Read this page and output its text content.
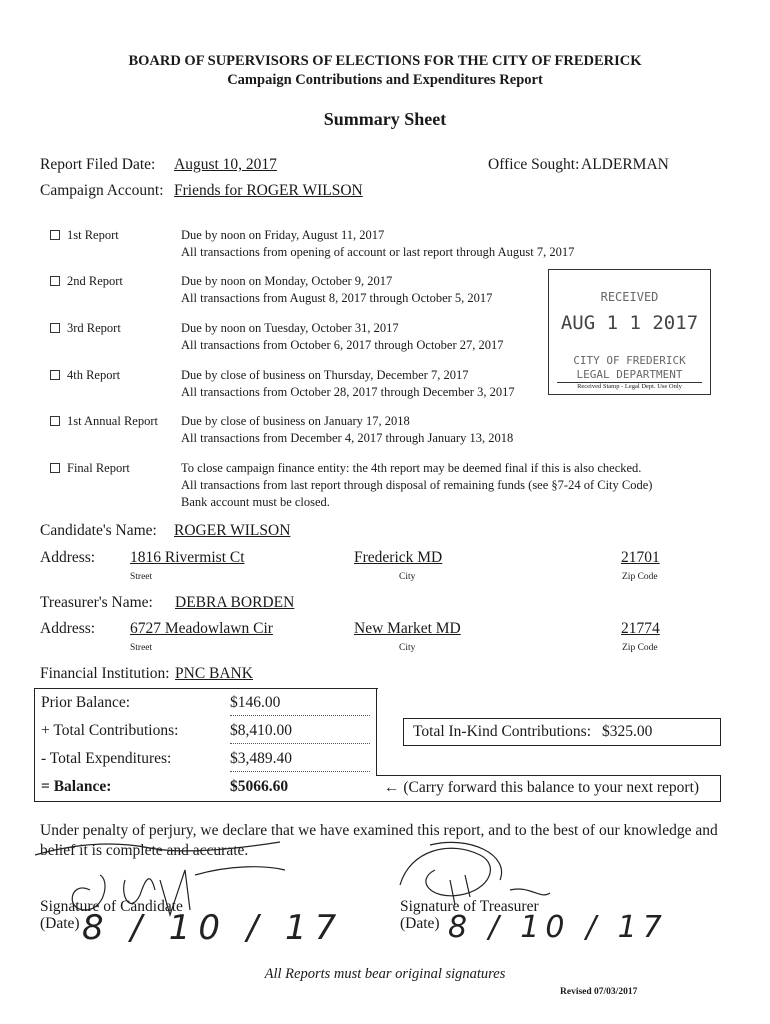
BOARD OF SUPERVISORS OF ELECTIONS FOR THE CITY OF FREDERICK
Campaign Contributions and Expenditures Report
Summary Sheet
Report Filed Date: August 10, 2017	Office Sought: ALDERMAN
Campaign Account: Friends for ROGER WILSON
1st Report	Due by noon on Friday, August 11, 2017
All transactions from opening of account or last report through August 7, 2017
2nd Report	Due by noon on Monday, October 9, 2017
All transactions from August 8, 2017 through October 5, 2017
3rd Report	Due by noon on Tuesday, October 31, 2017
All transactions from October 6, 2017 through October 27, 2017
4th Report	Due by close of business on Thursday, December 7, 2017
All transactions from October 28, 2017 through December 3, 2017
1st Annual Report Due by close of business on January 17, 2018
All transactions from December 4, 2017 through January 13, 2018
Final Report	To close campaign finance entity: the 4th report may be deemed final if this is also checked.
All transactions from last report through disposal of remaining funds (see §7-24 of City Code)
Bank account must be closed.
RECEIVED
AUG 1 1 2017
CITY OF FREDERICK
LEGAL DEPARTMENT
Received Stamp - Legal Dept. Use Only
Candidate's Name: ROGER WILSON
Address: 1816 Rivermist Ct	Frederick MD	21701
Street	City	Zip Code
Treasurer's Name: DEBRA BORDEN
Address: 6727 Meadowlawn Cir	New Market MD	21774
Street	City	Zip Code
Financial Institution: PNC BANK
Prior Balance:	$146.00
+ Total Contributions:	$8,410.00
- Total Expenditures:	$3,489.40
= Balance:	$5066.60
Total In-Kind Contributions: $325.00
← (Carry forward this balance to your next report)
Under penalty of perjury, we declare that we have examined this report, and to the best of our knowledge and
belief it is complete and accurate.
Signature of Candidate
(Date) 8 / 10 / 17
Signature of Treasurer
(Date) 8 / 10 / 17
All Reports must bear original signatures
Revised 07/03/2017
